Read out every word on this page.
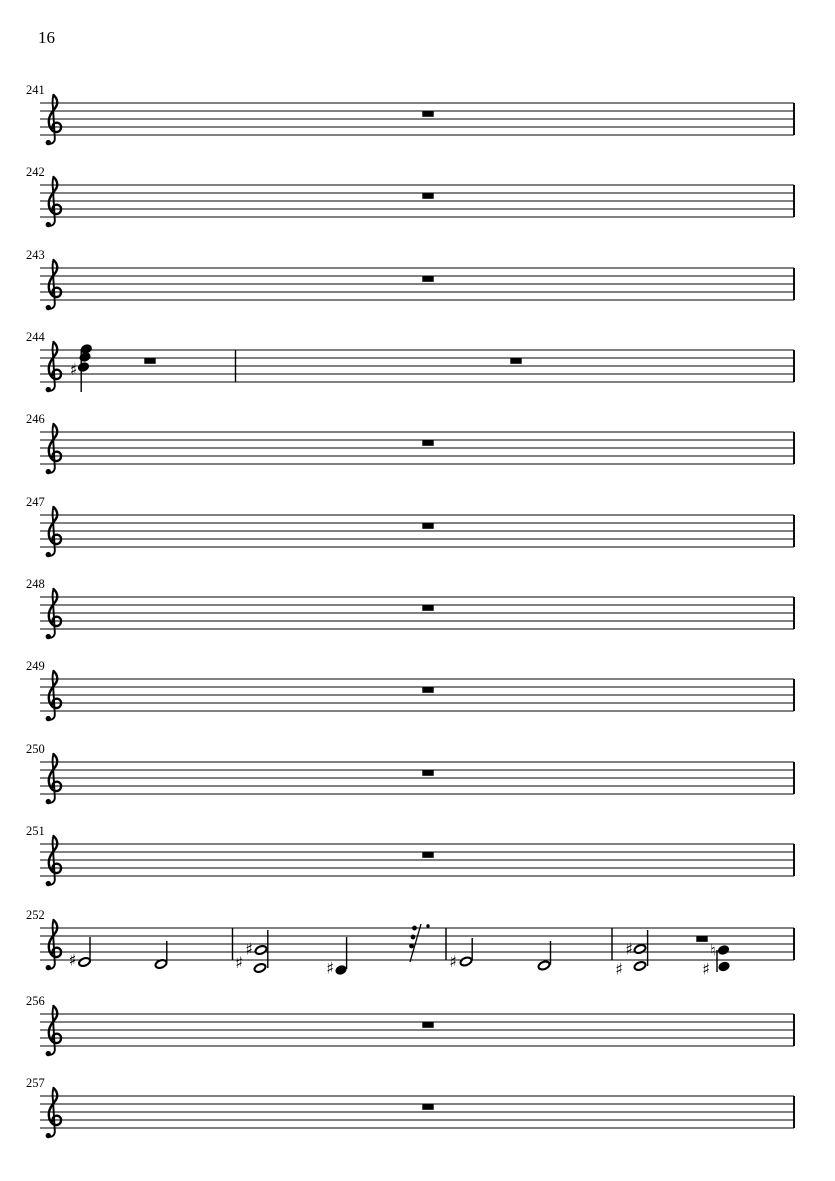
16
241
242
243
♯
244
246
247
248
249
250
251
♯	♯
♯
♯	♯	♯
♯	♮
♯
252
256
257
